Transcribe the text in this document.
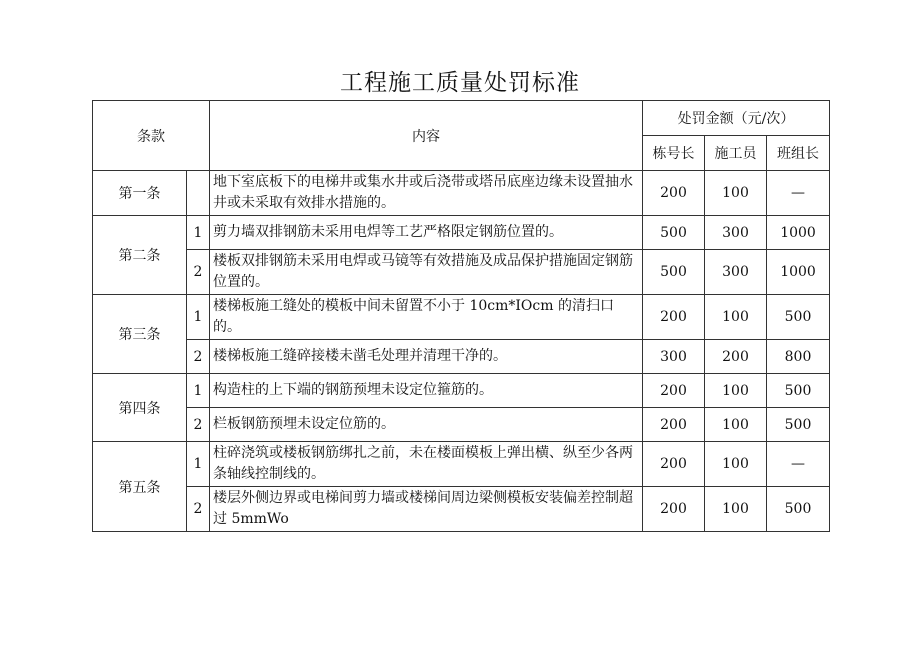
工程施工质量处罚标准
条款		内容	处罚金额（元/次）		
			栋号长	施工员	班组长
第一条		地下室底板下的电梯井或集水井或后浇带或塔吊底座边缘未设置抽水井或未采取有效排水措施的。	200	100	—
第二条	1	剪力墙双排钢筋未采用电焊等工艺严格限定钢筋位置的。	500	300	1000
	2	楼板双排钢筋未采用电焊或马镜等有效措施及成品保护措施固定钢筋位置的。	500	300	1000
第三条	1	楼梯板施工缝处的模板中间未留置不小于 10cm*IOcm 的清扫口的。	200	100	500
	2	楼梯板施工缝碎接楼未凿毛处理并清理干净的。	300	200	800
第四条	1	构造柱的上下端的钢筋预埋未设定位箍筋的。	200	100	500
	2	栏板钢筋预埋未设定位筋的。	200	100	500
第五条	1	柱碎浇筑或楼板钢筋绑扎之前，未在楼面模板上弹出横、纵至少各两条轴线控制线的。	200	100	—
	2	楼层外侧边界或电梯间剪力墙或楼梯间周边梁侧模板安装偏差控制超过 5mmWo	200	100	500
